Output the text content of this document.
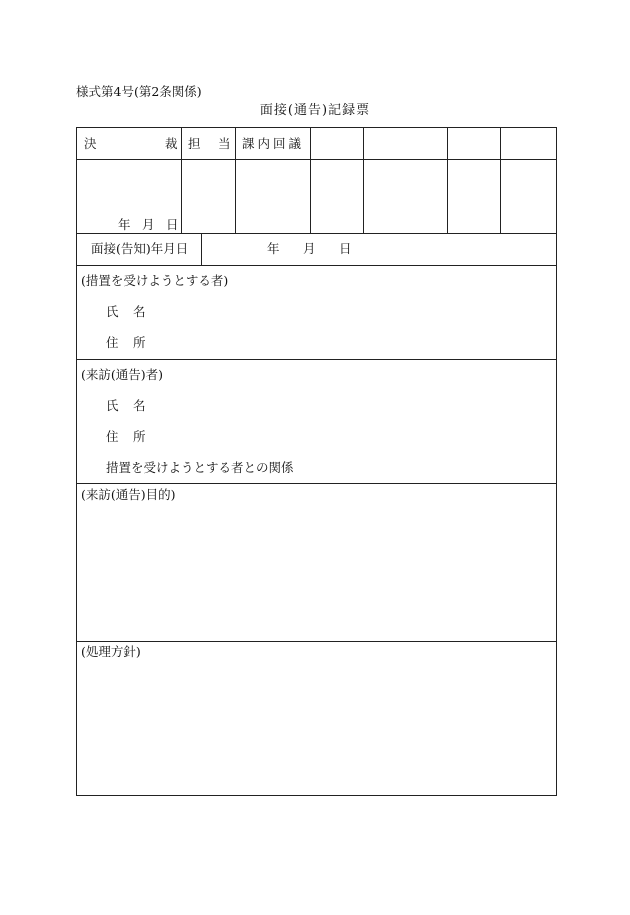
様式第4号(第2条関係)
面接(通告)記録票
決	裁 担 当 課内回議
年 月 日
面接(告知)年月日	年 月 日
(措置を受けようとする者)
氏 名
住 所
(来訪(通告)者)
氏 名
住 所
措置を受けようとする者との関係
(来訪(通告)目的)
(処理方針)
